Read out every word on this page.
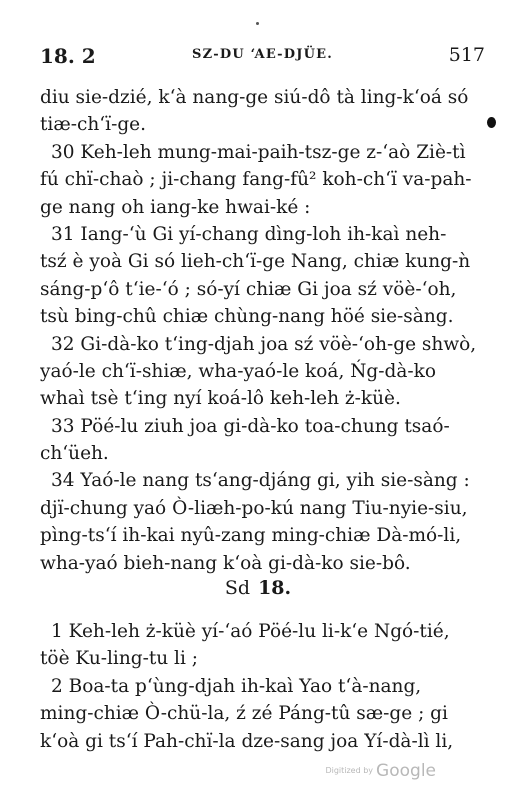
18. 2	SZ-DU ‘AE-DJÜE.	517
diu sie-dzié, k‘à nang-ge siú-dô tà ling-k‘oá só
tiæ-ch‘ï-ge.
30 Keh-leh mung-mai-paih-tsz-ge z-‘aò Ziè-tì
fú chï-chaò ; ji-chang fang-fû² koh-ch‘ï va-pah-
ge nang oh iang-ke hwai-ké :
31 Iang-‘ù Gi yí-chang dìng-loh ih-kaì neh-
tsź è yoà Gi só lieh-ch‘ï-ge Nang, chiæ kung-ǹ
sáng-p‘ô t‘ie-‘ó ; só-yí chiæ Gi joa sź vöè-‘oh,
tsù bing-chû chiæ chùng-nang höé sie-sàng.
32 Gi-dà-ko t‘ing-djah joa sź vöè-‘oh-ge shwò,
yaó-le ch‘ï-shiæ, wha-yaó-le koá, Ńg-dà-ko
whaì tsè t‘ing nyí koá-lô keh-leh ż-küè.
33 Pöé-lu ziuh joa gi-dà-ko toa-chung tsaó-
ch‘üeh.
34 Yaó-le nang ts‘ang-djáng gi, yih sie-sàng :
djï-chung yaó Ò-liæh-po-kú nang Tiu-nyie-siu,
pìng-ts‘í ih-kai nyû-zang ming-chiæ Dà-mó-li,
wha-yaó bieh-nang k‘oà gi-dà-ko sie-bô.
Sd 18.
1 Keh-leh ż-küè yí-‘aó Pöé-lu li-k‘e Ngó-tié,
töè Ku-ling-tu li ;
2 Boa-ta p‘ùng-djah ih-kaì Yao t‘à-nang,
ming-chiæ Ò-chü-la, ź zé Páng-tû sæ-ge ; gi
k‘oà gi ts‘í Pah-chï-la dze-sang joa Yí-dà-lì li,
Digitized by Google
